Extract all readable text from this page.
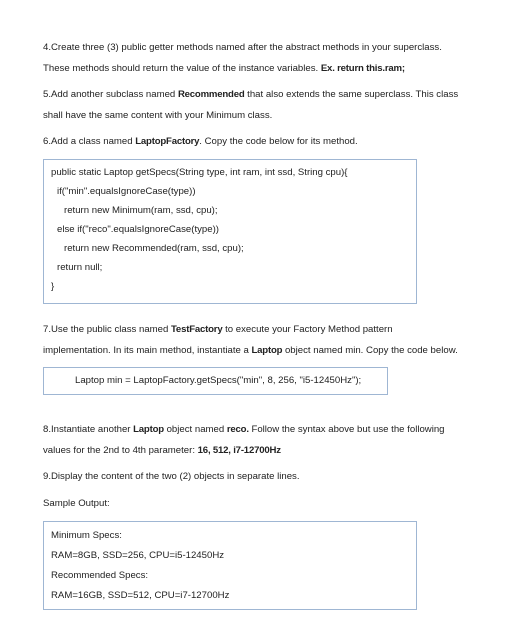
4.Create three (3) public getter methods named after the abstract methods in your superclass.

These methods should return the value of the instance variables. Ex. return this.ram;

5.Add another subclass named Recommended that also extends the same superclass. This class

shall have the same content with your Minimum class.

6.Add a class named LaptopFactory. Copy the code below for its method.

public static Laptop getSpecs(String type, int ram, int ssd, String cpu){
if("min".equalsIgnoreCase(type))
return new Minimum(ram, ssd, cpu);
else if("reco".equalsIgnoreCase(type))
return new Recommended(ram, ssd, cpu);
return null;
}

7.Use the public class named TestFactory to execute your Factory Method pattern

implementation. In its main method, instantiate a Laptop object named min. Copy the code below.

Laptop min = LaptopFactory.getSpecs("min", 8, 256, "i5-12450Hz");

8.Instantiate another Laptop object named reco. Follow the syntax above but use the following

values for the 2nd to 4th parameter: 16, 512, i7-12700Hz

9.Display the content of the two (2) objects in separate lines.

Sample Output:

Minimum Specs:
RAM=8GB, SSD=256, CPU=i5-12450Hz
Recommended Specs:
RAM=16GB, SSD=512, CPU=i7-12700Hz
